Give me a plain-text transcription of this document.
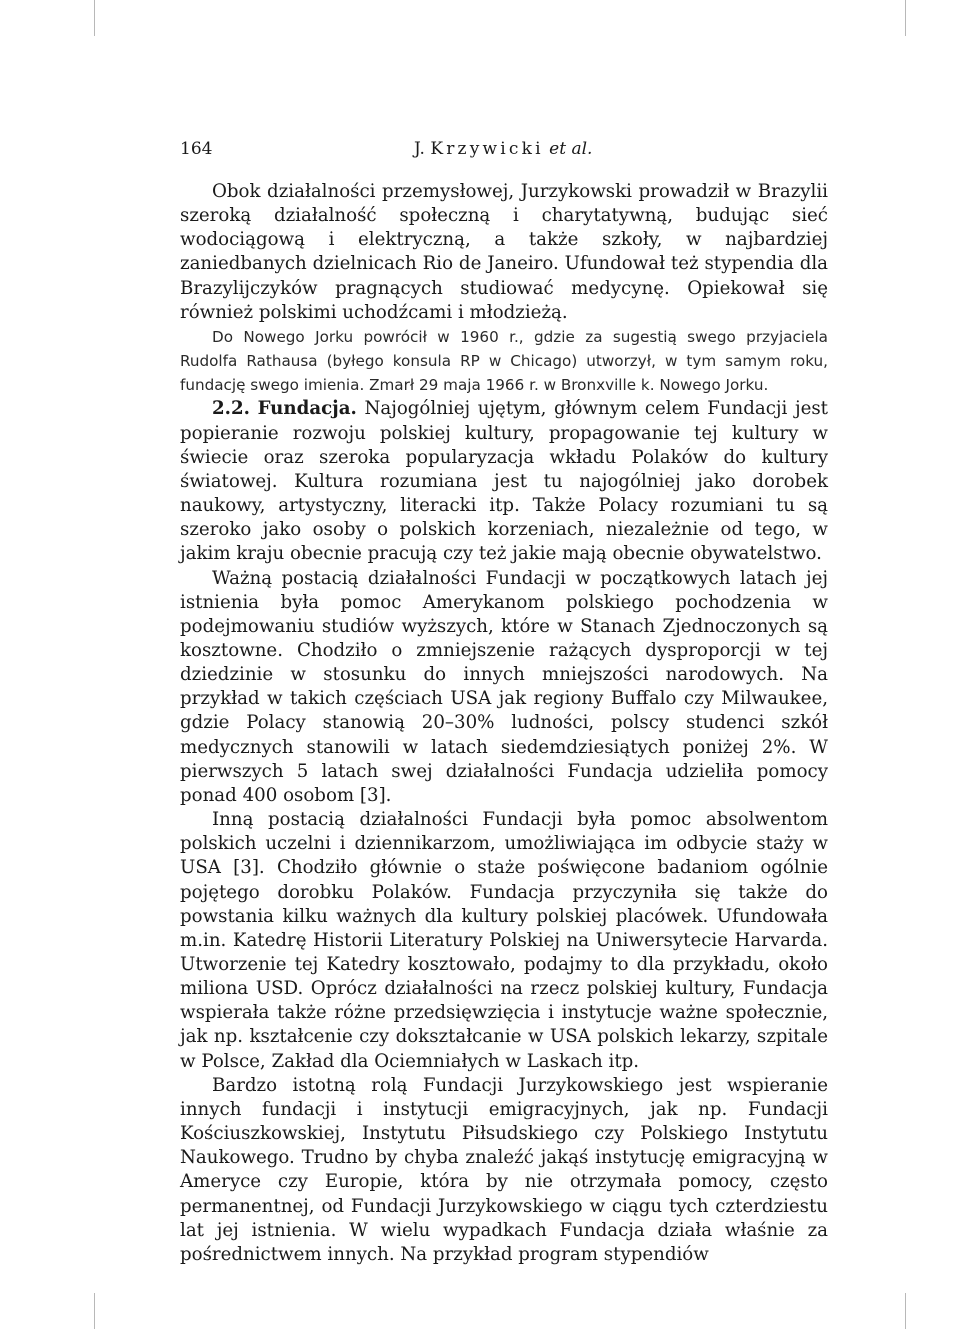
164	J. Krzywicki et al.

Obok działalności przemysłowej, Jurzykowski prowadził w Brazylii szeroką działalność społeczną i charytatywną, budując sieć wodociągową i elektryczną, a także szkoły, w najbardziej zaniedbanych dzielnicach Rio de Janeiro. Ufundował też stypendia dla Brazylijczyków pragnących studiować medycynę. Opiekował się również polskimi uchodźcami i młodzieżą.

Do Nowego Jorku powrócił w 1960 r., gdzie za sugestią swego przyjaciela Rudolfa Rathausa (byłego konsula RP w Chicago) utworzył, w tym samym roku, fundację swego imienia. Zmarł 29 maja 1966 r. w Bronxville k. Nowego Jorku.

2.2. Fundacja. Najogólniej ujętym, głównym celem Fundacji jest popieranie rozwoju polskiej kultury, propagowanie tej kultury w świecie oraz szeroka popularyzacja wkładu Polaków do kultury światowej. Kultura rozumiana jest tu najogólniej jako dorobek naukowy, artystyczny, literacki itp. Także Polacy rozumiani tu są szeroko jako osoby o polskich korzeniach, niezależnie od tego, w jakim kraju obecnie pracują czy też jakie mają obecnie obywatelstwo.

Ważną postacią działalności Fundacji w początkowych latach jej istnienia była pomoc Amerykanom polskiego pochodzenia w podejmowaniu studiów wyższych, które w Stanach Zjednoczonych są kosztowne. Chodziło o zmniejszenie rażących dysproporcji w tej dziedzinie w stosunku do innych mniejszości narodowych. Na przykład w takich częściach USA jak regiony Buffalo czy Milwaukee, gdzie Polacy stanowią 20–30% ludności, polscy studenci szkół medycznych stanowili w latach siedemdziesiątych poniżej 2%. W pierwszych 5 latach swej działalności Fundacja udzieliła pomocy ponad 400 osobom [3].

Inną postacią działalności Fundacji była pomoc absolwentom polskich uczelni i dziennikarzom, umożliwiająca im odbycie staży w USA [3]. Chodziło głównie o staże poświęcone badaniom ogólnie pojętego dorobku Polaków. Fundacja przyczyniła się także do powstania kilku ważnych dla kultury polskiej placówek. Ufundowała m.in. Katedrę Historii Literatury Polskiej na Uniwersytecie Harvarda. Utworzenie tej Katedry kosztowało, podajmy to dla przykładu, około miliona USD. Oprócz działalności na rzecz polskiej kultury, Fundacja wspierała także różne przedsięwzięcia i instytucje ważne społecznie, jak np. kształcenie czy dokształcanie w USA polskich lekarzy, szpitale w Polsce, Zakład dla Ociemniałych w Laskach itp.

Bardzo istotną rolą Fundacji Jurzykowskiego jest wspieranie innych fundacji i instytucji emigracyjnych, jak np. Fundacji Kościuszkowskiej, Instytutu Piłsudskiego czy Polskiego Instytutu Naukowego. Trudno by chyba znaleźć jakąś instytucję emigracyjną w Ameryce czy Europie, która by nie otrzymała pomocy, często permanentnej, od Fundacji Jurzykowskiego w ciągu tych czterdziestu lat jej istnienia. W wielu wypadkach Fundacja działa właśnie za pośrednictwem innych. Na przykład program stypendiów
